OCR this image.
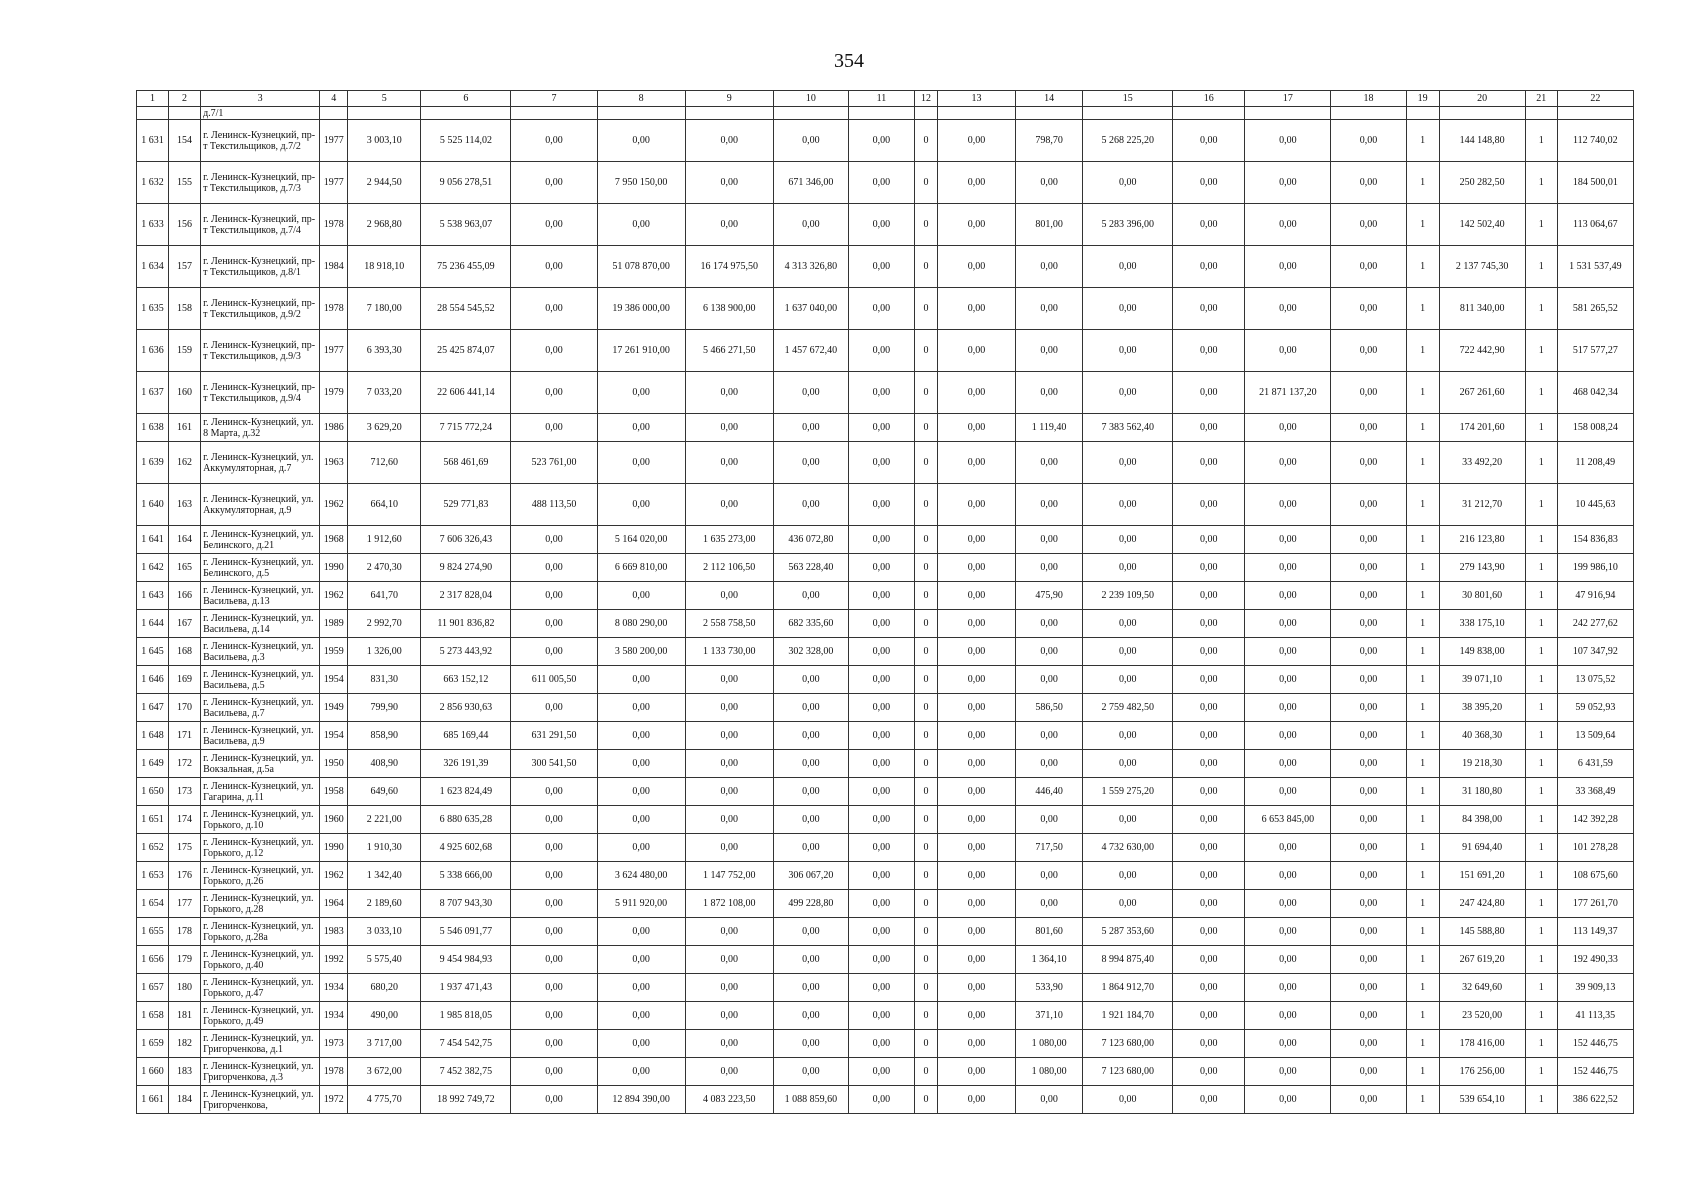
354
1	2	3	4	5	6	7	8	9	10	11	12	13	14	15	16	17	18	19	20	21	22
		д.7/1																			
1 631	154	г. Ленинск-Кузнецкий, пр-т Текстильщиков, д.7/2	1977	3 003,10	5 525 114,02	0,00	0,00	0,00	0,00	0,00	0	0,00	798,70	5 268 225,20	0,00	0,00	0,00	1	144 148,80	1	112 740,02
1 632	155	г. Ленинск-Кузнецкий, пр-т Текстильщиков, д.7/3	1977	2 944,50	9 056 278,51	0,00	7 950 150,00	0,00	671 346,00	0,00	0	0,00	0,00	0,00	0,00	0,00	0,00	1	250 282,50	1	184 500,01
1 633	156	г. Ленинск-Кузнецкий, пр-т Текстильщиков, д.7/4	1978	2 968,80	5 538 963,07	0,00	0,00	0,00	0,00	0,00	0	0,00	801,00	5 283 396,00	0,00	0,00	0,00	1	142 502,40	1	113 064,67
1 634	157	г. Ленинск-Кузнецкий, пр-т Текстильщиков, д.8/1	1984	18 918,10	75 236 455,09	0,00	51 078 870,00	16 174 975,50	4 313 326,80	0,00	0	0,00	0,00	0,00	0,00	0,00	0,00	1	2 137 745,30	1	1 531 537,49
1 635	158	г. Ленинск-Кузнецкий, пр-т Текстильщиков, д.9/2	1978	7 180,00	28 554 545,52	0,00	19 386 000,00	6 138 900,00	1 637 040,00	0,00	0	0,00	0,00	0,00	0,00	0,00	0,00	1	811 340,00	1	581 265,52
1 636	159	г. Ленинск-Кузнецкий, пр-т Текстильщиков, д.9/3	1977	6 393,30	25 425 874,07	0,00	17 261 910,00	5 466 271,50	1 457 672,40	0,00	0	0,00	0,00	0,00	0,00	0,00	0,00	1	722 442,90	1	517 577,27
1 637	160	г. Ленинск-Кузнецкий, пр-т Текстильщиков, д.9/4	1979	7 033,20	22 606 441,14	0,00	0,00	0,00	0,00	0,00	0	0,00	0,00	0,00	0,00	21 871 137,20	0,00	1	267 261,60	1	468 042,34
1 638	161	г. Ленинск-Кузнецкий, ул. 8 Марта, д.32	1986	3 629,20	7 715 772,24	0,00	0,00	0,00	0,00	0,00	0	0,00	1 119,40	7 383 562,40	0,00	0,00	0,00	1	174 201,60	1	158 008,24
1 639	162	г. Ленинск-Кузнецкий, ул. Аккумуляторная, д.7	1963	712,60	568 461,69	523 761,00	0,00	0,00	0,00	0,00	0	0,00	0,00	0,00	0,00	0,00	0,00	1	33 492,20	1	11 208,49
1 640	163	г. Ленинск-Кузнецкий, ул. Аккумуляторная, д.9	1962	664,10	529 771,83	488 113,50	0,00	0,00	0,00	0,00	0	0,00	0,00	0,00	0,00	0,00	0,00	1	31 212,70	1	10 445,63
1 641	164	г. Ленинск-Кузнецкий, ул. Белинского, д.21	1968	1 912,60	7 606 326,43	0,00	5 164 020,00	1 635 273,00	436 072,80	0,00	0	0,00	0,00	0,00	0,00	0,00	0,00	1	216 123,80	1	154 836,83
1 642	165	г. Ленинск-Кузнецкий, ул. Белинского, д.5	1990	2 470,30	9 824 274,90	0,00	6 669 810,00	2 112 106,50	563 228,40	0,00	0	0,00	0,00	0,00	0,00	0,00	0,00	1	279 143,90	1	199 986,10
1 643	166	г. Ленинск-Кузнецкий, ул. Васильева, д.13	1962	641,70	2 317 828,04	0,00	0,00	0,00	0,00	0,00	0	0,00	475,90	2 239 109,50	0,00	0,00	0,00	1	30 801,60	1	47 916,94
1 644	167	г. Ленинск-Кузнецкий, ул. Васильева, д.14	1989	2 992,70	11 901 836,82	0,00	8 080 290,00	2 558 758,50	682 335,60	0,00	0	0,00	0,00	0,00	0,00	0,00	0,00	1	338 175,10	1	242 277,62
1 645	168	г. Ленинск-Кузнецкий, ул. Васильева, д.3	1959	1 326,00	5 273 443,92	0,00	3 580 200,00	1 133 730,00	302 328,00	0,00	0	0,00	0,00	0,00	0,00	0,00	0,00	1	149 838,00	1	107 347,92
1 646	169	г. Ленинск-Кузнецкий, ул. Васильева, д.5	1954	831,30	663 152,12	611 005,50	0,00	0,00	0,00	0,00	0	0,00	0,00	0,00	0,00	0,00	0,00	1	39 071,10	1	13 075,52
1 647	170	г. Ленинск-Кузнецкий, ул. Васильева, д.7	1949	799,90	2 856 930,63	0,00	0,00	0,00	0,00	0,00	0	0,00	586,50	2 759 482,50	0,00	0,00	0,00	1	38 395,20	1	59 052,93
1 648	171	г. Ленинск-Кузнецкий, ул. Васильева, д.9	1954	858,90	685 169,44	631 291,50	0,00	0,00	0,00	0,00	0	0,00	0,00	0,00	0,00	0,00	0,00	1	40 368,30	1	13 509,64
1 649	172	г. Ленинск-Кузнецкий, ул. Вокзальная, д.5а	1950	408,90	326 191,39	300 541,50	0,00	0,00	0,00	0,00	0	0,00	0,00	0,00	0,00	0,00	0,00	1	19 218,30	1	6 431,59
1 650	173	г. Ленинск-Кузнецкий, ул. Гагарина, д.11	1958	649,60	1 623 824,49	0,00	0,00	0,00	0,00	0,00	0	0,00	446,40	1 559 275,20	0,00	0,00	0,00	1	31 180,80	1	33 368,49
1 651	174	г. Ленинск-Кузнецкий, ул. Горького, д.10	1960	2 221,00	6 880 635,28	0,00	0,00	0,00	0,00	0,00	0	0,00	0,00	0,00	0,00	6 653 845,00	0,00	1	84 398,00	1	142 392,28
1 652	175	г. Ленинск-Кузнецкий, ул. Горького, д.12	1990	1 910,30	4 925 602,68	0,00	0,00	0,00	0,00	0,00	0	0,00	717,50	4 732 630,00	0,00	0,00	0,00	1	91 694,40	1	101 278,28
1 653	176	г. Ленинск-Кузнецкий, ул. Горького, д.26	1962	1 342,40	5 338 666,00	0,00	3 624 480,00	1 147 752,00	306 067,20	0,00	0	0,00	0,00	0,00	0,00	0,00	0,00	1	151 691,20	1	108 675,60
1 654	177	г. Ленинск-Кузнецкий, ул. Горького, д.28	1964	2 189,60	8 707 943,30	0,00	5 911 920,00	1 872 108,00	499 228,80	0,00	0	0,00	0,00	0,00	0,00	0,00	0,00	1	247 424,80	1	177 261,70
1 655	178	г. Ленинск-Кузнецкий, ул. Горького, д.28а	1983	3 033,10	5 546 091,77	0,00	0,00	0,00	0,00	0,00	0	0,00	801,60	5 287 353,60	0,00	0,00	0,00	1	145 588,80	1	113 149,37
1 656	179	г. Ленинск-Кузнецкий, ул. Горького, д.40	1992	5 575,40	9 454 984,93	0,00	0,00	0,00	0,00	0,00	0	0,00	1 364,10	8 994 875,40	0,00	0,00	0,00	1	267 619,20	1	192 490,33
1 657	180	г. Ленинск-Кузнецкий, ул. Горького, д.47	1934	680,20	1 937 471,43	0,00	0,00	0,00	0,00	0,00	0	0,00	533,90	1 864 912,70	0,00	0,00	0,00	1	32 649,60	1	39 909,13
1 658	181	г. Ленинск-Кузнецкий, ул. Горького, д.49	1934	490,00	1 985 818,05	0,00	0,00	0,00	0,00	0,00	0	0,00	371,10	1 921 184,70	0,00	0,00	0,00	1	23 520,00	1	41 113,35
1 659	182	г. Ленинск-Кузнецкий, ул. Григорченкова, д.1	1973	3 717,00	7 454 542,75	0,00	0,00	0,00	0,00	0,00	0	0,00	1 080,00	7 123 680,00	0,00	0,00	0,00	1	178 416,00	1	152 446,75
1 660	183	г. Ленинск-Кузнецкий, ул. Григорченкова, д.3	1978	3 672,00	7 452 382,75	0,00	0,00	0,00	0,00	0,00	0	0,00	1 080,00	7 123 680,00	0,00	0,00	0,00	1	176 256,00	1	152 446,75
1 661	184	г. Ленинск-Кузнецкий, ул. Григорченкова,	1972	4 775,70	18 992 749,72	0,00	12 894 390,00	4 083 223,50	1 088 859,60	0,00	0	0,00	0,00	0,00	0,00	0,00	0,00	1	539 654,10	1	386 622,52
